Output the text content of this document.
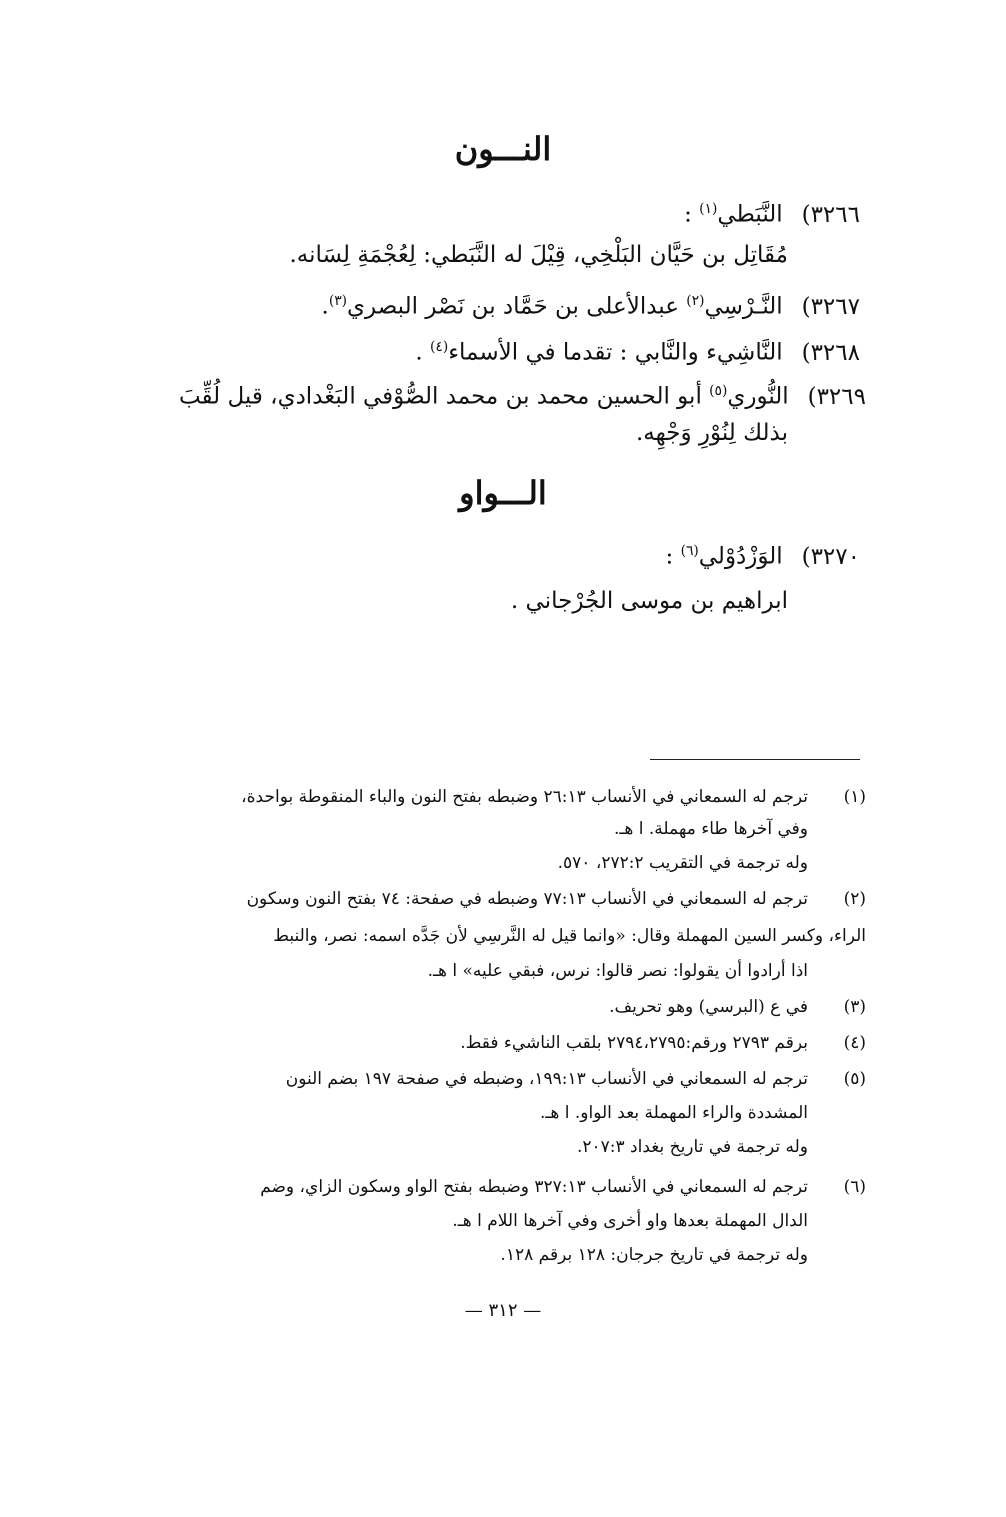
النـــون
٣٢٦٦) النَّبَطي$^{(١)}$ :
مُقَاتِل بن حَيَّان البَلْخِي، قِيْلَ له النَّبَطي: لِعُجْمَةِ لِسَانه.
٣٢٦٧) النَّـرْسِي$^{(٢)}$ عبدالأعلى بن حَمَّاد بن نَصْر البصري$^{(٣)}$.
٣٢٦٨) النَّاشِيء والنَّابي : تقدما في الأسماء$^{(٤)}$ .
٣٢٦٩) النُّوري$^{(٥)}$ أبو الحسين محمد بن محمد الصُّوْفي البَغْدادي، قيل لُقِّبَ
بذلك لِنُوْرِ وَجْهِه.
الـــواو
٣٢٧٠) الوَزْدُوْلي$^{(٦)}$ :
ابراهيم بن موسى الجُرْجاني .
(١)ترجم له السمعاني في الأنساب ٢٦:١٣ وضبطه بفتح النون والباء المنقوطة بواحدة،
وفي آخرها طاء مهملة. ا هـ.
وله ترجمة في التقريب ٢٧٢:٢، ٥٧٠.
(٢)ترجم له السمعاني في الأنساب ٧٧:١٣ وضبطه في صفحة: ٧٤ بفتح النون وسكون
الراء، وكسر السين المهملة وقال: «وانما قيل له النَّرسِي لأن جَدَّه اسمه: نصر، والنبط
اذا أرادوا أن يقولوا: نصر قالوا: نرس، فبقي عليه» ا هـ.
(٣)في ع (البرسي) وهو تحريف.
(٤)برقم ٢٧٩٣ ورقم:٢٧٩٤،٢٧٩٥ بلقب الناشيء فقط.
(٥)ترجم له السمعاني في الأنساب ١٩٩:١٣، وضبطه في صفحة ١٩٧ بضم النون
المشددة والراء المهملة بعد الواو. ا هـ.
وله ترجمة في تاريخ بغداد ٢٠٧:٣.
(٦)ترجم له السمعاني في الأنساب ٣٢٧:١٣ وضبطه بفتح الواو وسكون الزاي، وضم
الدال المهملة بعدها واو أخرى وفي آخرها اللام ا هـ.
وله ترجمة في تاريخ جرجان: ١٢٨ برقم ١٢٨.
— ٣١٢ —
